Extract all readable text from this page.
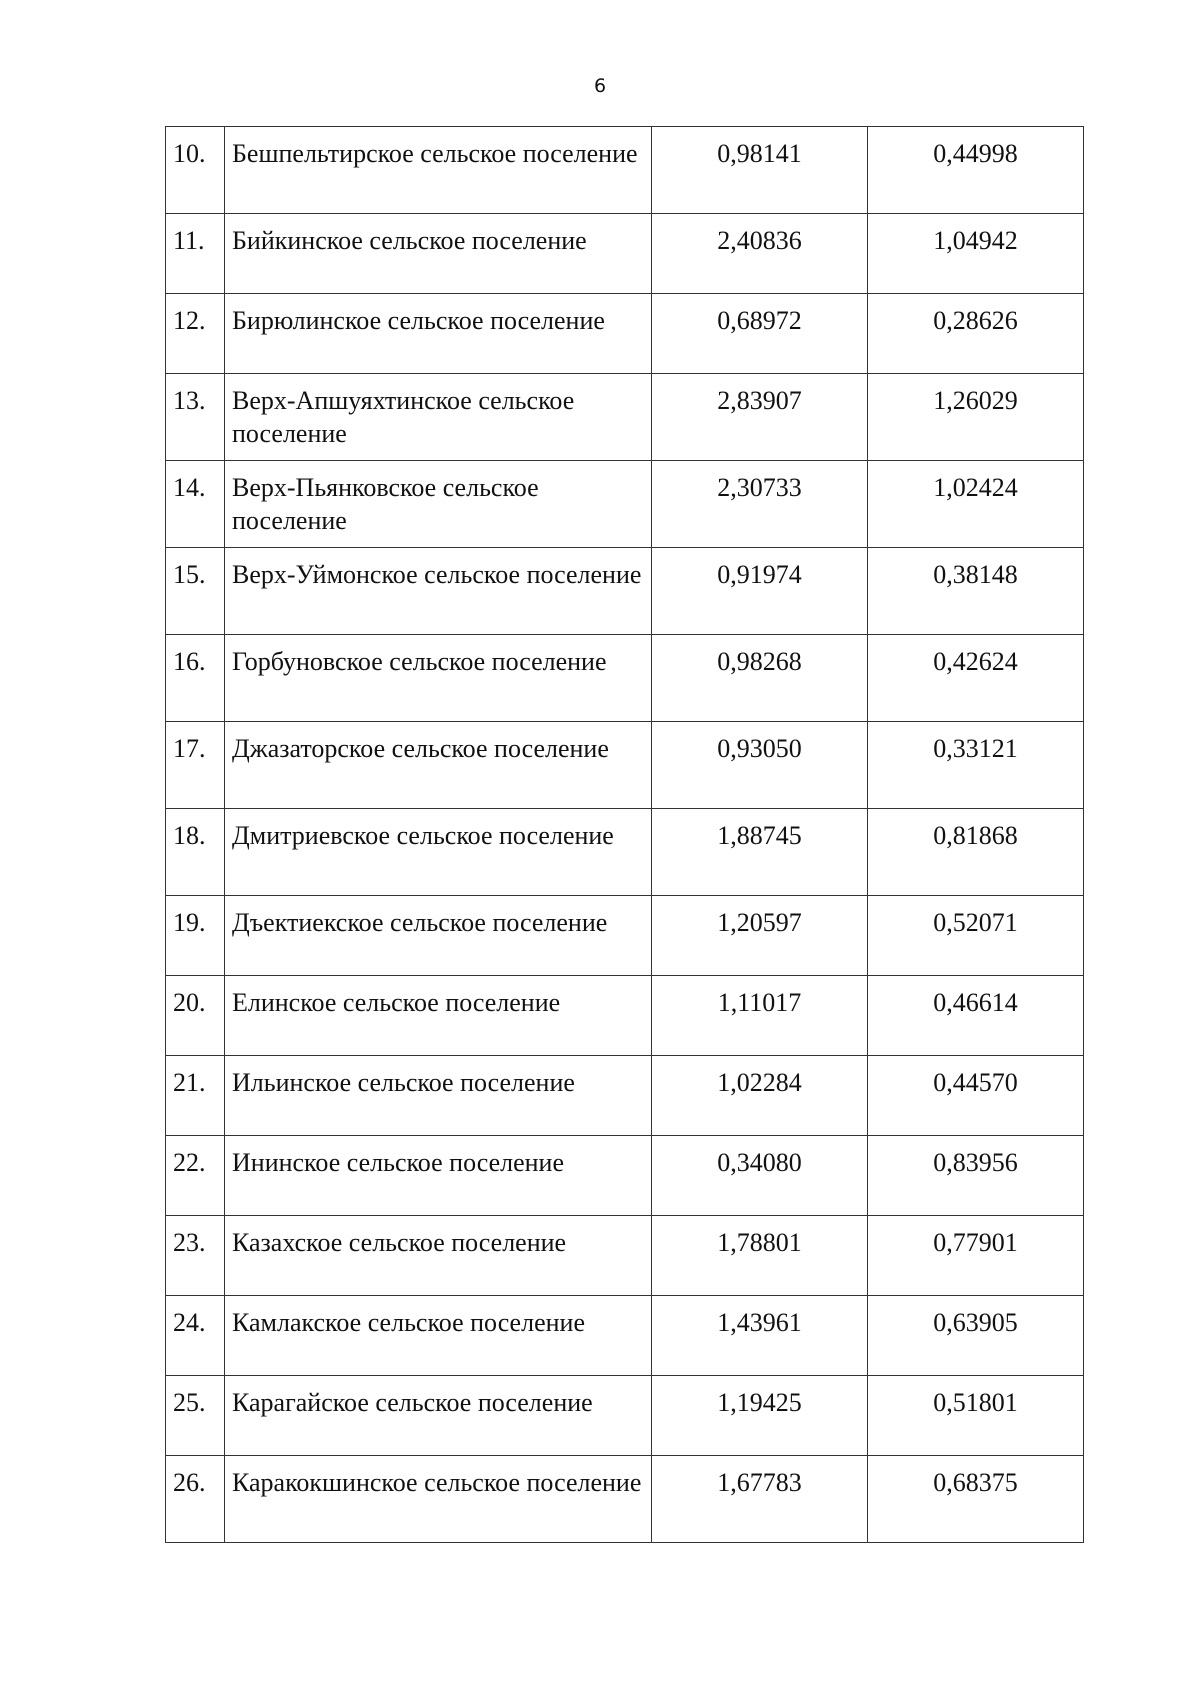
6
10.	Бешпельтирское сельское поселение	0,98141	0,44998
11.	Бийкинское сельское поселение	2,40836	1,04942
12.	Бирюлинское сельское поселение	0,68972	0,28626
13.	Верх-Апшуяхтинское сельское поселение	2,83907	1,26029
14.	Верх-Пьянковское сельское поселение	2,30733	1,02424
15.	Верх-Уймонское сельское поселение	0,91974	0,38148
16.	Горбуновское сельское поселение	0,98268	0,42624
17.	Джазаторское сельское поселение	0,93050	0,33121
18.	Дмитриевское сельское поселение	1,88745	0,81868
19.	Дъектиекское сельское поселение	1,20597	0,52071
20.	Елинское сельское поселение	1,11017	0,46614
21.	Ильинское сельское поселение	1,02284	0,44570
22.	Ининское сельское поселение	0,34080	0,83956
23.	Казахское сельское поселение	1,78801	0,77901
24.	Камлакское сельское поселение	1,43961	0,63905
25.	Карагайское сельское поселение	1,19425	0,51801
26.	Каракокшинское сельское поселение	1,67783	0,68375
